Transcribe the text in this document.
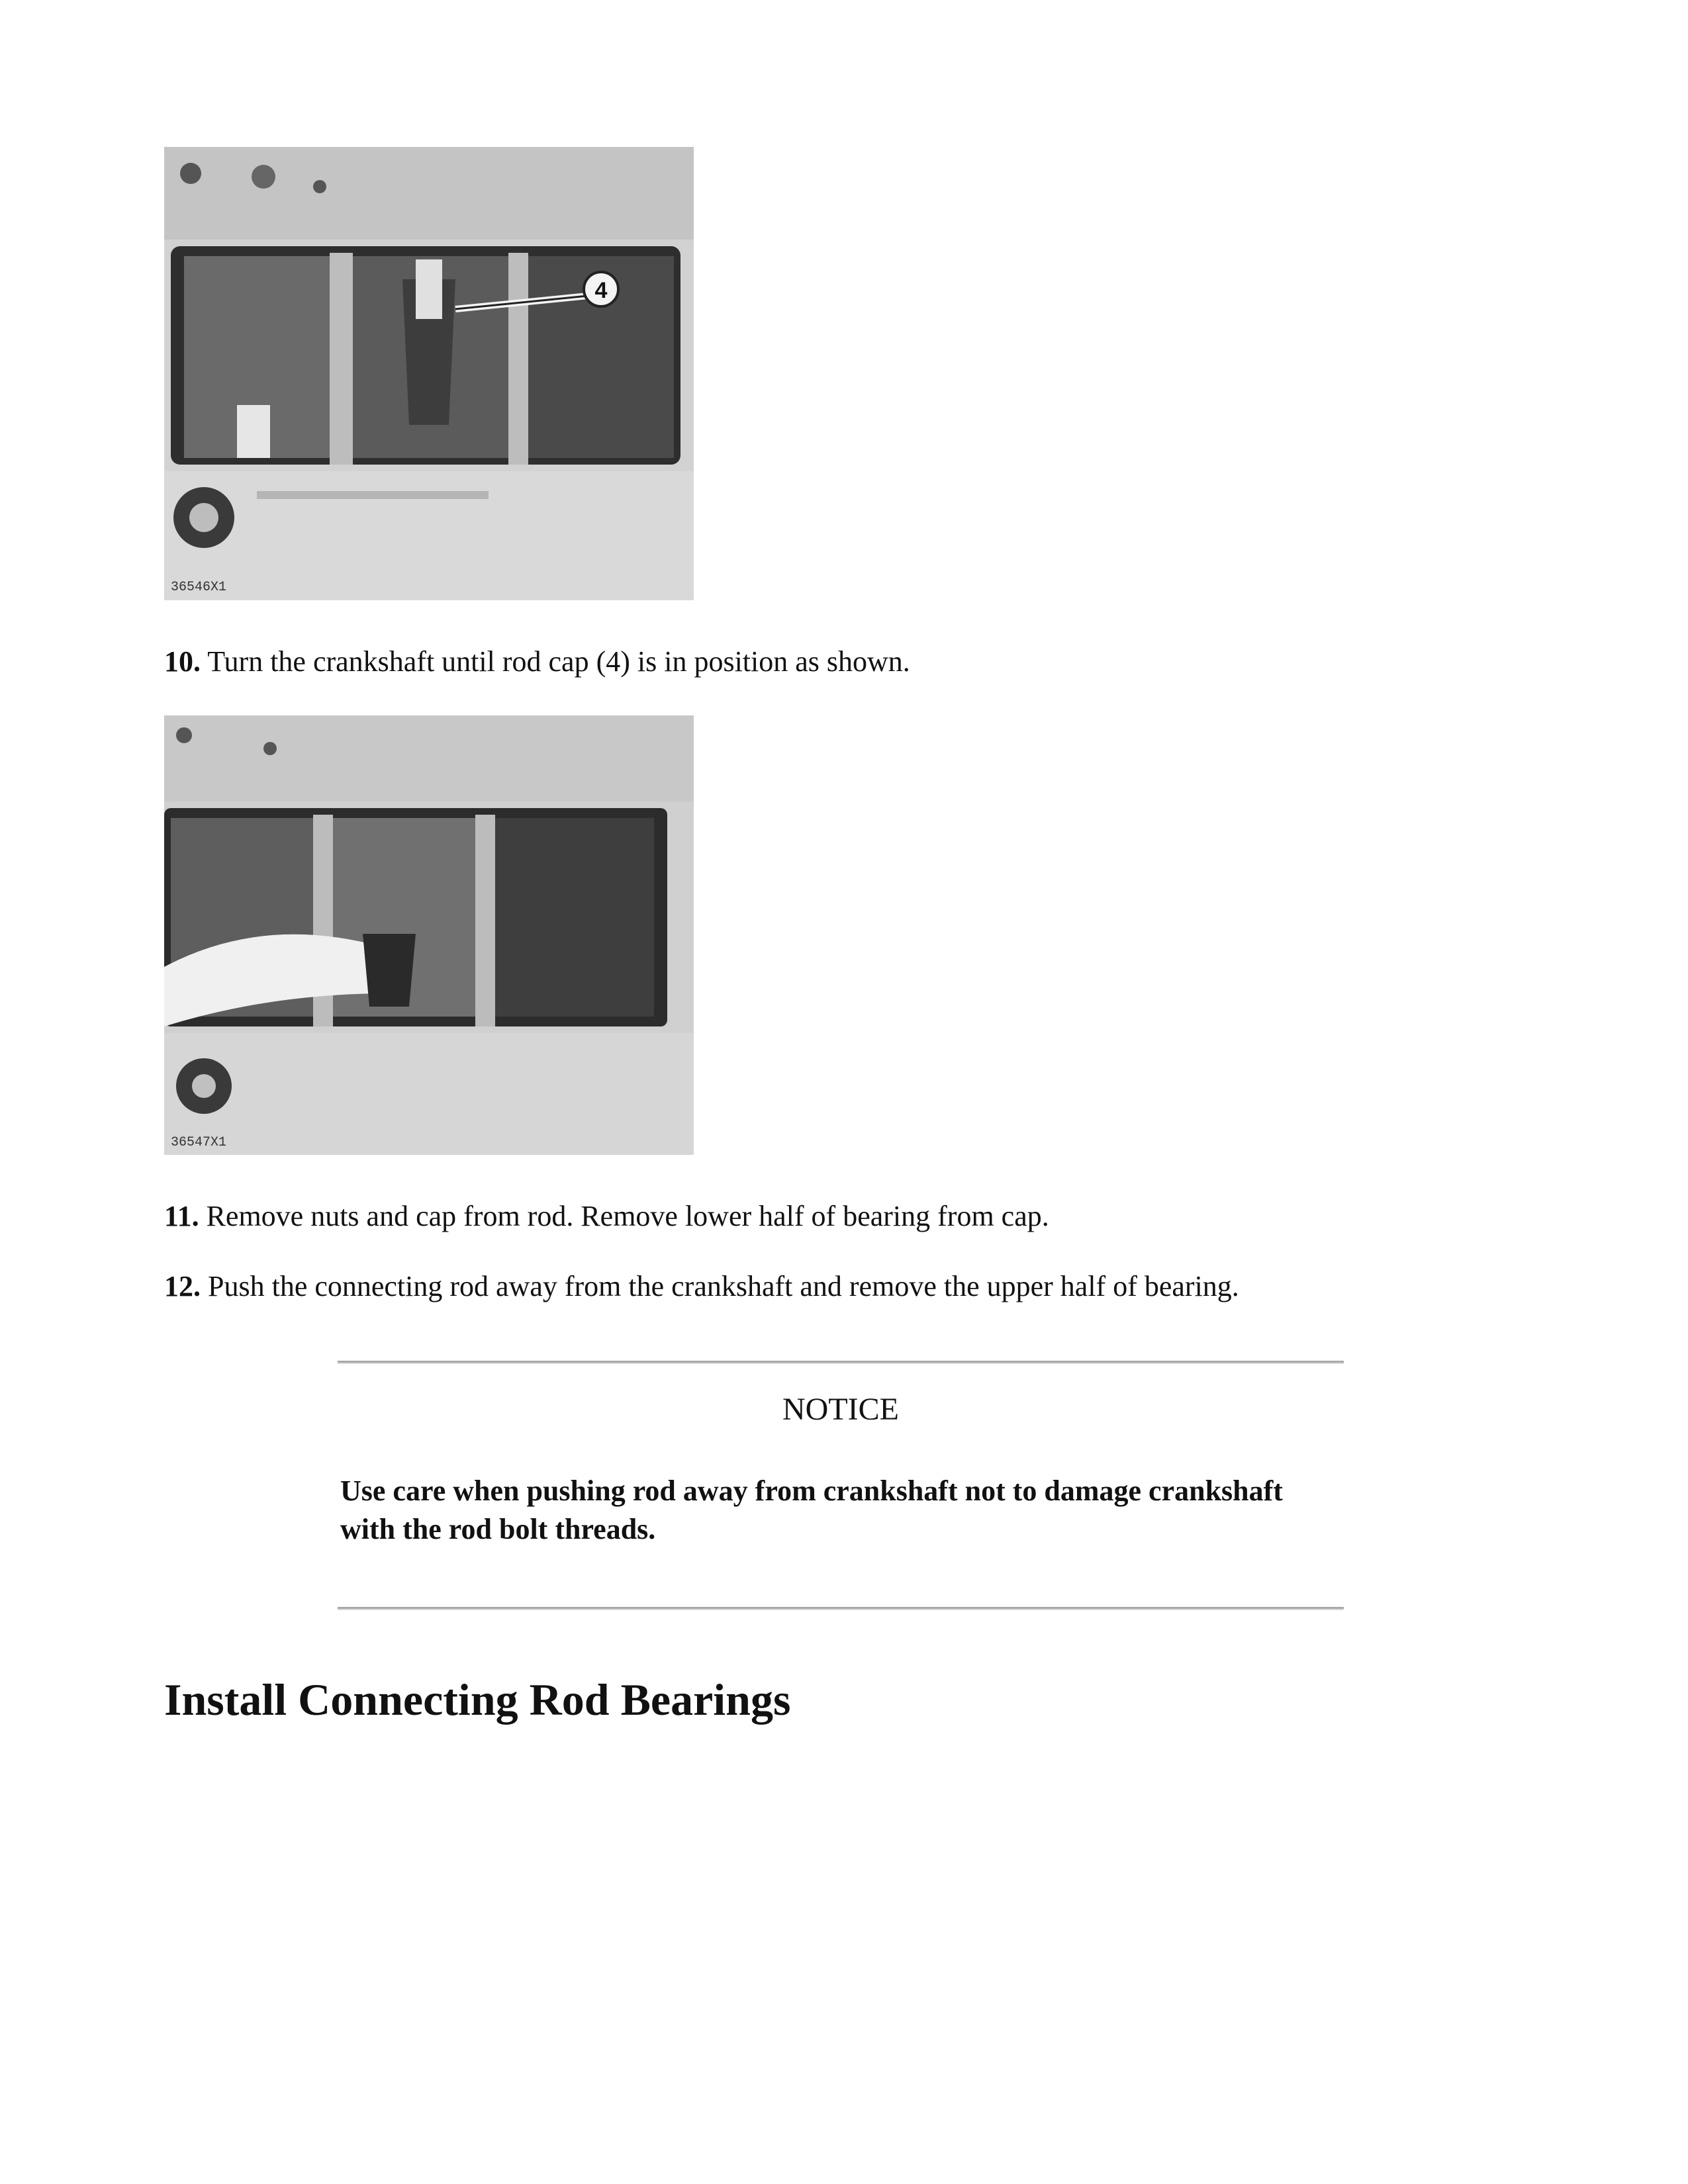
4
36546X1
10. Turn the crankshaft until rod cap (4) is in position as shown.
36547X1
11. Remove nuts and cap from rod. Remove lower half of bearing from cap.
12. Push the connecting rod away from the crankshaft and remove the upper half of bearing.
NOTICE
Use care when pushing rod away from crankshaft not to damage crankshaft with the rod bolt threads.
Install Connecting Rod Bearings
